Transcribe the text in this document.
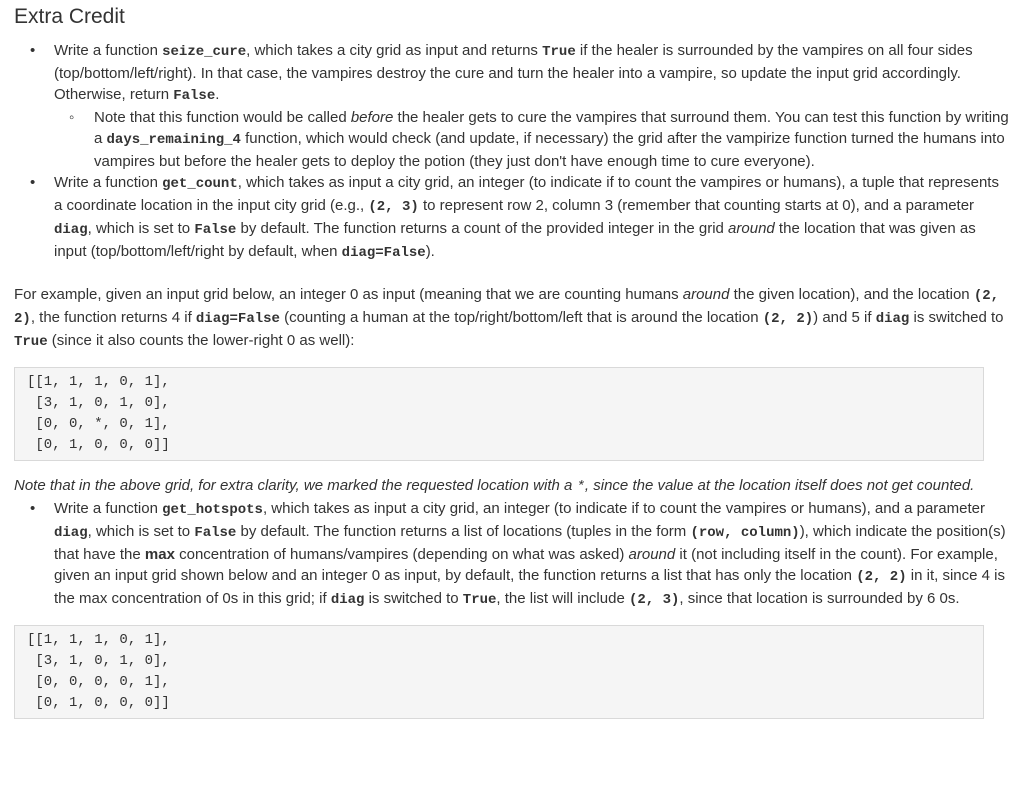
Extra Credit
• Write a function seize_cure, which takes a city grid as input and returns True if the healer is surrounded by the vampires on all four sides (top/bottom/left/right). In that case, the vampires destroy the cure and turn the healer into a vampire, so update the input grid accordingly. Otherwise, return False.
◦ Note that this function would be called before the healer gets to cure the vampires that surround them. You can test this function by writing a days_remaining_4 function, which would check (and update, if necessary) the grid after the vampirize function turned the humans into vampires but before the healer gets to deploy the potion (they just don't have enough time to cure everyone).
• Write a function get_count, which takes as input a city grid, an integer (to indicate if to count the vampires or humans), a tuple that represents a coordinate location in the input city grid (e.g., (2, 3) to represent row 2, column 3 (remember that counting starts at 0), and a parameter diag, which is set to False by default. The function returns a count of the provided integer in the grid around the location that was given as input (top/bottom/left/right by default, when diag=False).

For example, given an input grid below, an integer 0 as input (meaning that we are counting humans around the given location), and the location (2, 2), the function returns 4 if diag=False (counting a human at the top/right/bottom/left that is around the location (2, 2)) and 5 if diag is switched to True (since it also counts the lower-right 0 as well):

[[1, 1, 1, 0, 1],
[3, 1, 0, 1, 0],
[0, 0, *, 0, 1],
[0, 1, 0, 0, 0]]

Note that in the above grid, for extra clarity, we marked the requested location with a *, since the value at the location itself does not get counted.

• Write a function get_hotspots, which takes as input a city grid, an integer (to indicate if to count the vampires or humans), and a parameter diag, which is set to False by default. The function returns a list of locations (tuples in the form (row, column)), which indicate the position(s) that have the max concentration of humans/vampires (depending on what was asked) around it (not including itself in the count). For example, given an input grid shown below and an integer 0 as input, by default, the function returns a list that has only the location (2, 2) in it, since 4 is the max concentration of 0s in this grid; if diag is switched to True, the list will include (2, 3), since that location is surrounded by 6 0s.
[[1, 1, 1, 0, 1],
[3, 1, 0, 1, 0],
[0, 0, 0, 0, 1],
[0, 1, 0, 0, 0]]
